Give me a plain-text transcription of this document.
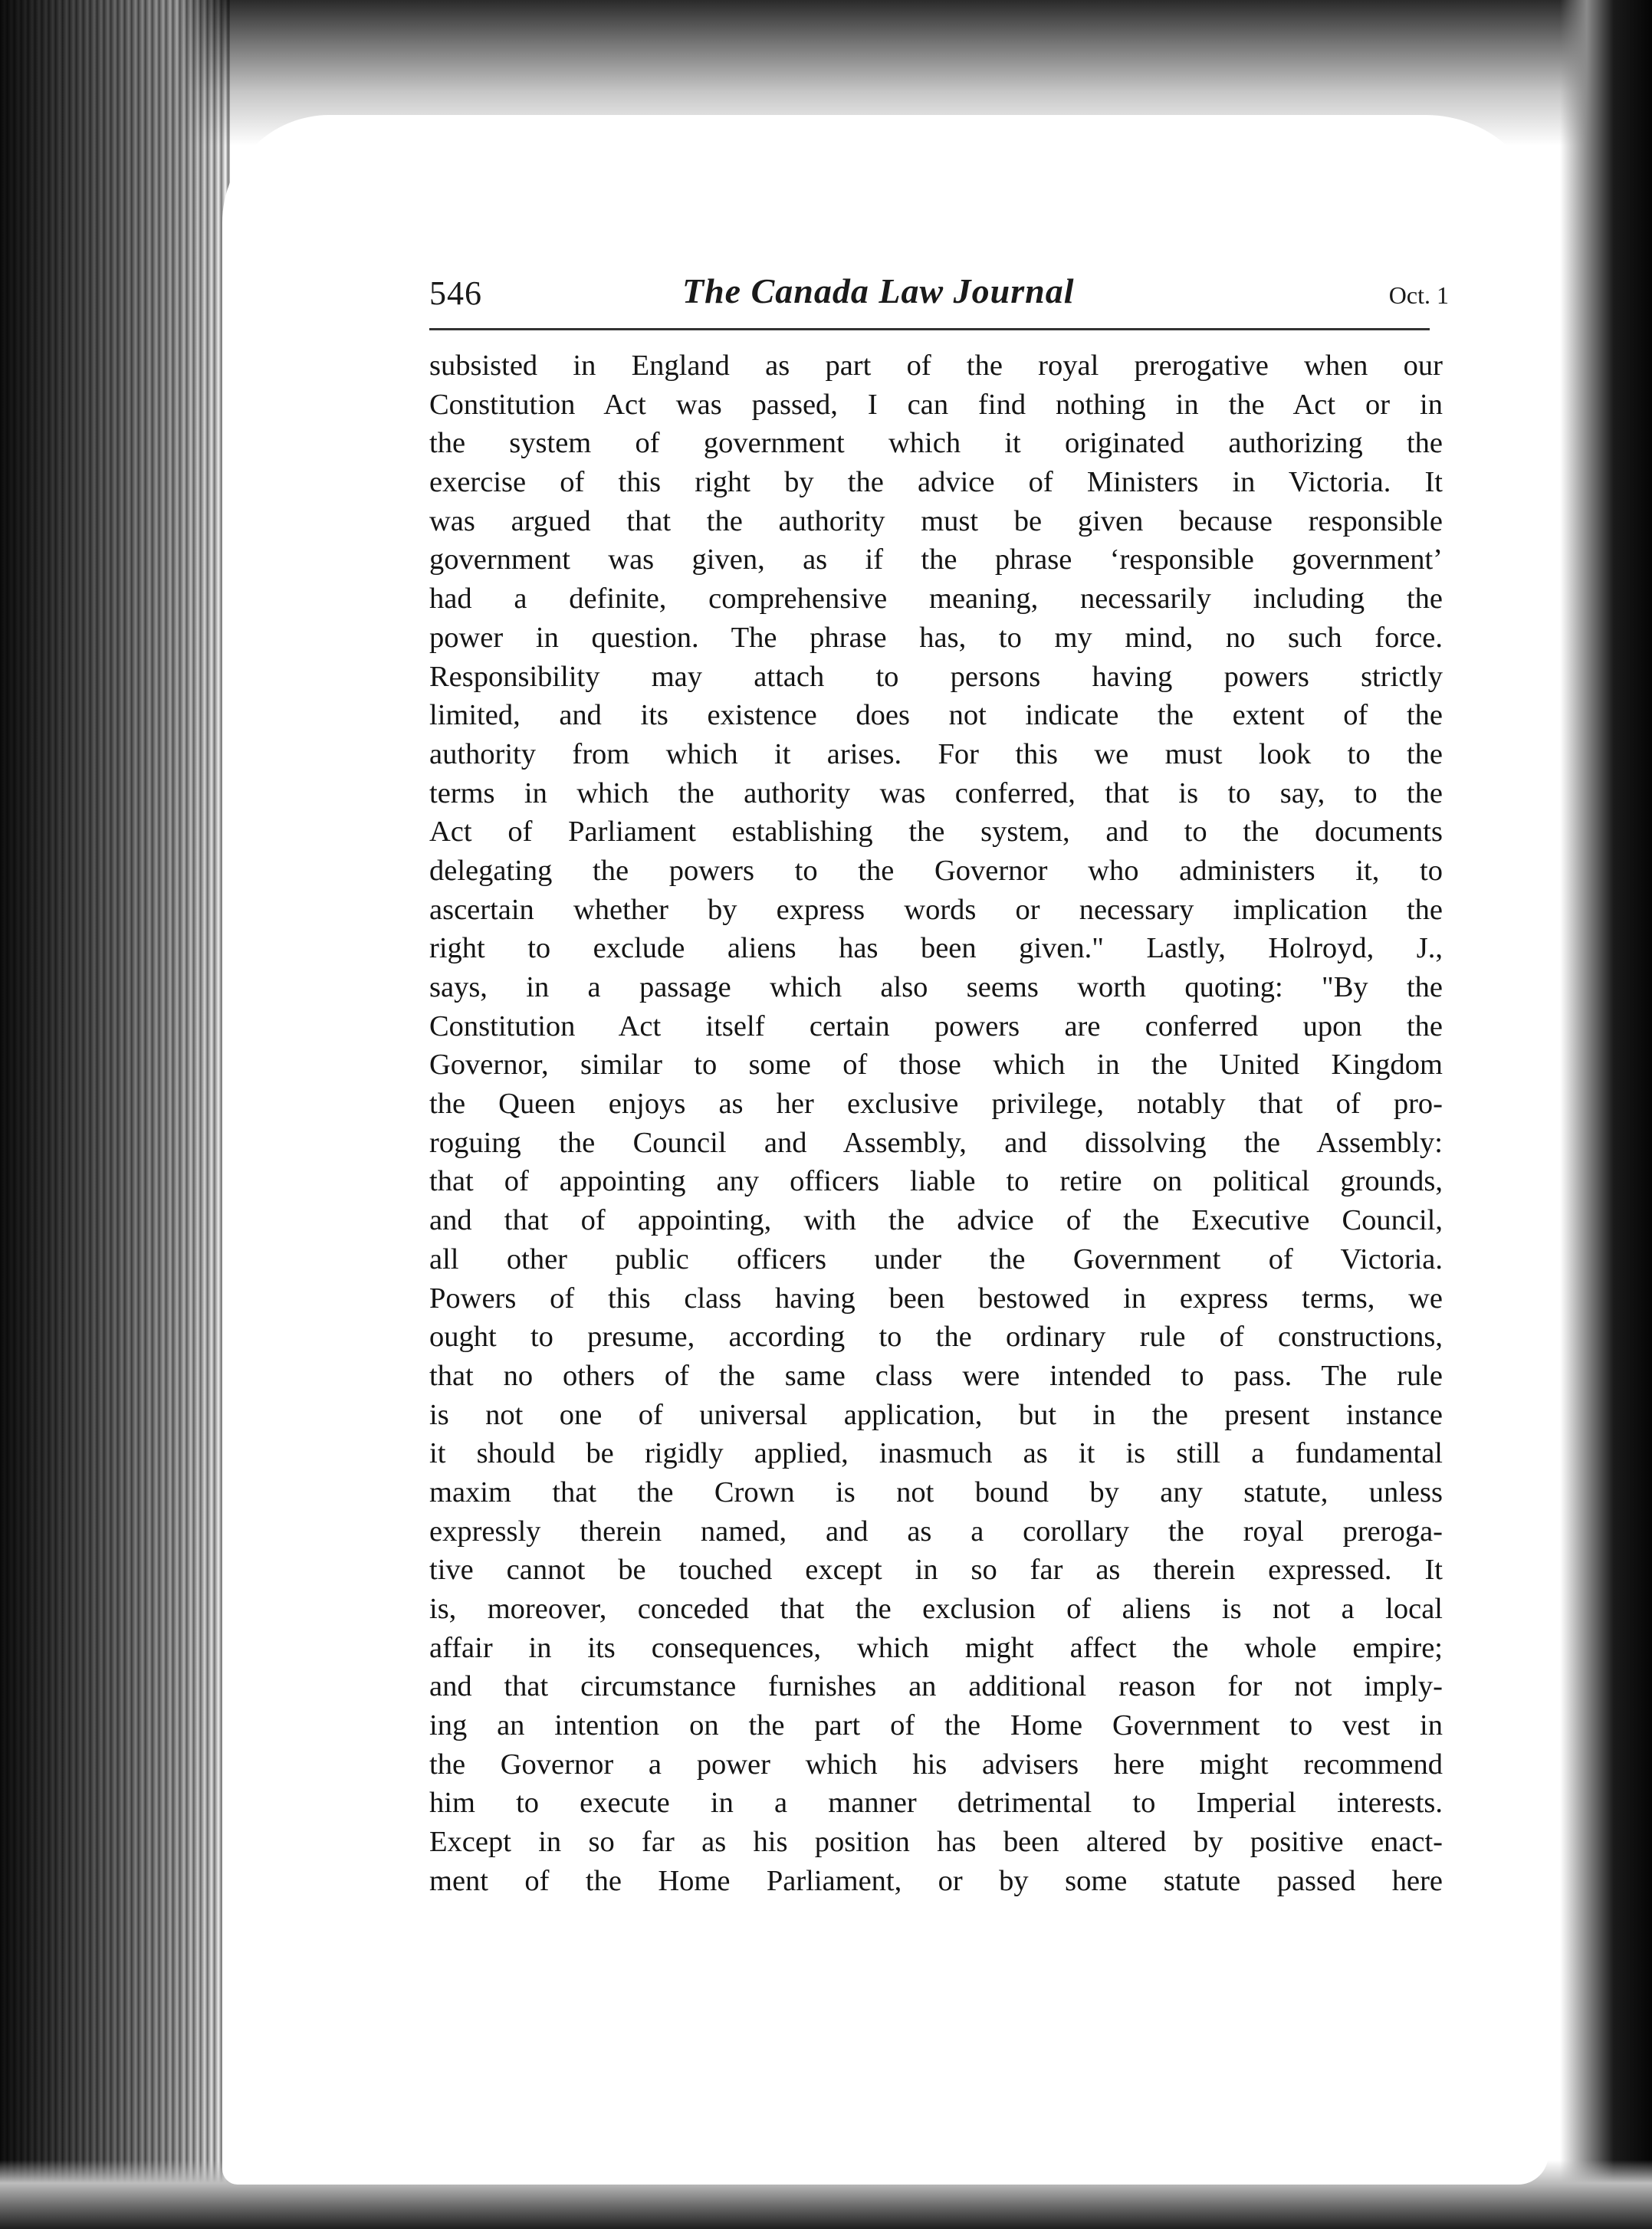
546	The Canada Law Journal	Oct. 1
subsisted in England as part of the royal prerogative when our
Constitution Act was passed, I can find nothing in the Act or in
the system of government which it originated authorizing the
exercise of this right by the advice of Ministers in Victoria. It
was argued that the authority must be given because responsible
government was given, as if the phrase ‘responsible government’
had a definite, comprehensive meaning, necessarily including the
power in question. The phrase has, to my mind, no such force.
Responsibility may attach to persons having powers strictly
limited, and its existence does not indicate the extent of the
authority from which it arises. For this we must look to the
terms in which the authority was conferred, that is to say, to the
Act of Parliament establishing the system, and to the documents
delegating the powers to the Governor who administers it, to
ascertain whether by express words or necessary implication the
right to exclude aliens has been given." Lastly, Holroyd, J.,
says, in a passage which also seems worth quoting: "By the
Constitution Act itself certain powers are conferred upon the
Governor, similar to some of those which in the United Kingdom
the Queen enjoys as her exclusive privilege, notably that of pro-
roguing the Council and Assembly, and dissolving the Assembly:
that of appointing any officers liable to retire on political grounds,
and that of appointing, with the advice of the Executive Council,
all other public officers under the Government of Victoria.
Powers of this class having been bestowed in express terms, we
ought to presume, according to the ordinary rule of constructions,
that no others of the same class were intended to pass. The rule
is not one of universal application, but in the present instance
it should be rigidly applied, inasmuch as it is still a fundamental
maxim that the Crown is not bound by any statute, unless
expressly therein named, and as a corollary the royal preroga-
tive cannot be touched except in so far as therein expressed. It
is, moreover, conceded that the exclusion of aliens is not a local
affair in its consequences, which might affect the whole empire;
and that circumstance furnishes an additional reason for not imply-
ing an intention on the part of the Home Government to vest in
the Governor a power which his advisers here might recommend
him to execute in a manner detrimental to Imperial interests.
Except in so far as his position has been altered by positive enact-
ment of the Home Parliament, or by some statute passed here
